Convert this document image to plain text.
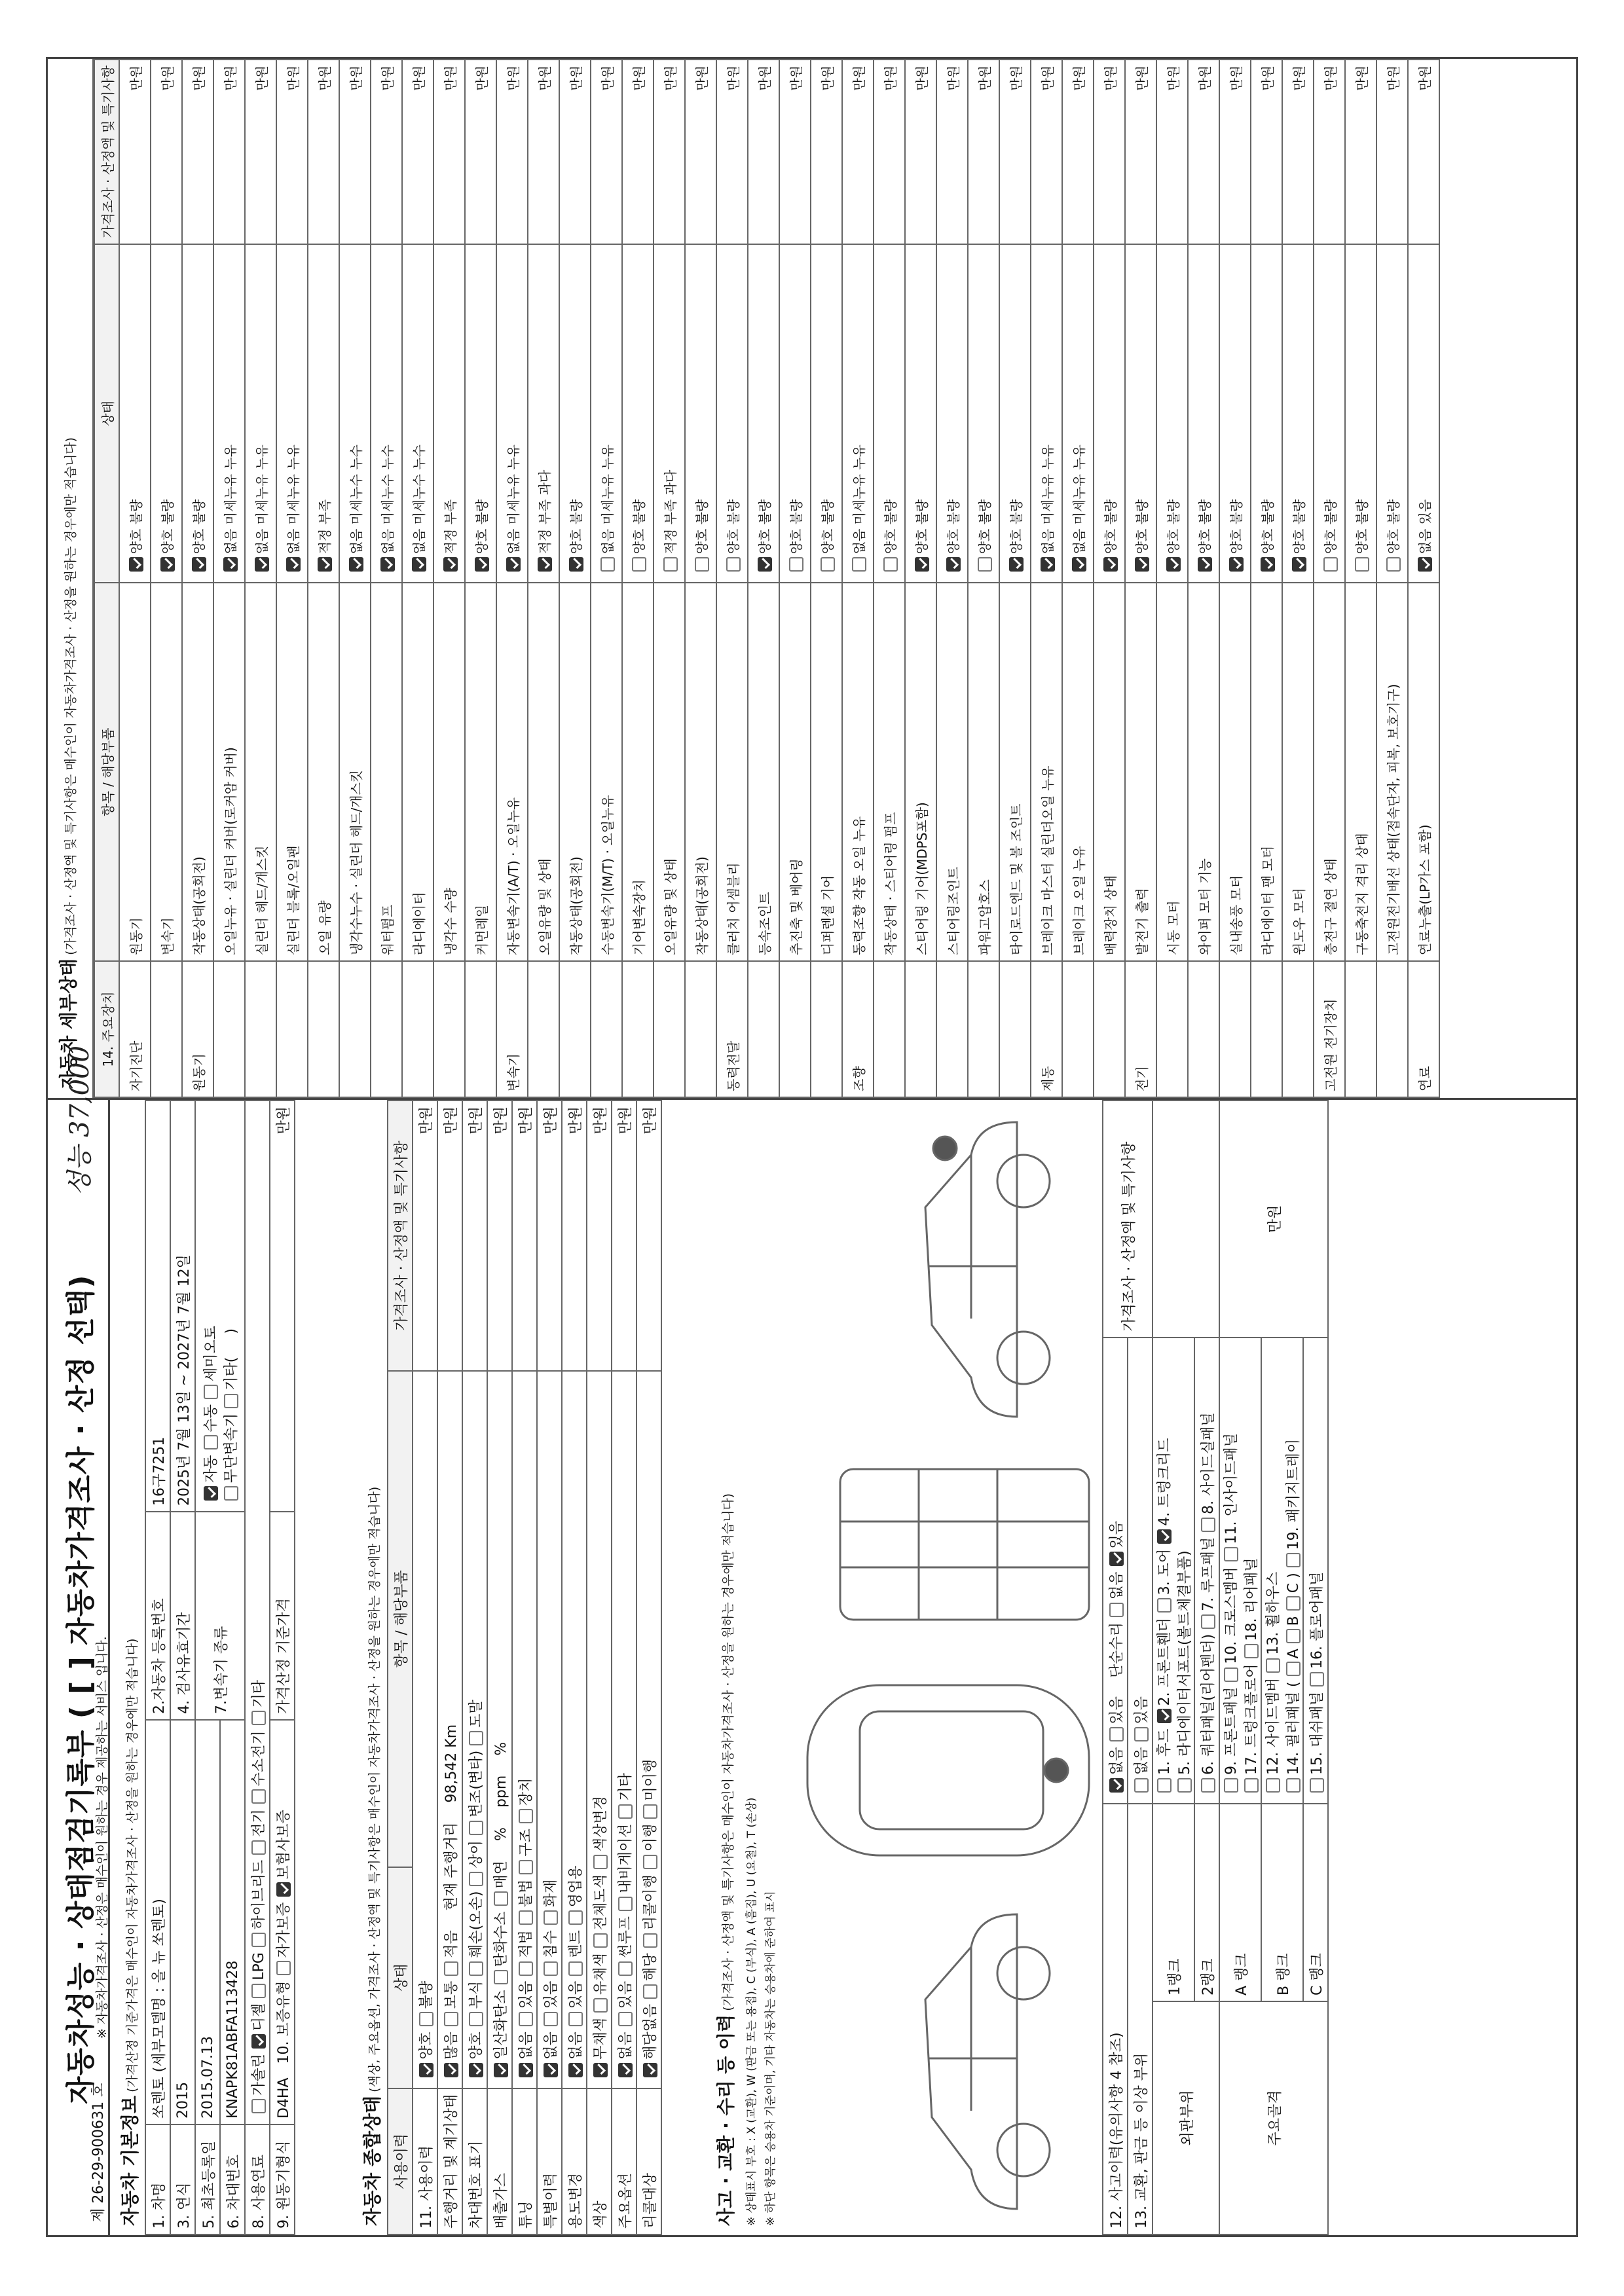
자동차성능 · 상태점검기록부 ( [ ] 자동차가격조사 · 산정 선택)
※ 자동차가격조사 · 산정은 매수인이 원하는 경우 제공하는 서비스 입니다.
제 26-29-900631 호 자동차 기본정보 (가격산정 기준가격은 매수인이 자동차가격조사 · 산정을 원하는 경우에만 적습니다)
1. 차명	쏘렌토 (세부모델명 : 올 뉴 쏘렌토)	2.자동차 등록번호	16구7251
3. 연식	2015	4. 검사유효기간	2025년 7월 13일 ~ 2027년 7월 12일
5. 최초등록일	2015.07.13	7.변속기 종류	자동수동세미오토
무단변속기기타(     )
6. 차대번호	KNAPK81ABFA113428		
8. 사용연료	가솔린디젤LPG하이브리드전기수소전기기타		
9. 원동기형식	D4HA   10. 보증유형자가보증보험사보증	가격산정 기준가격	만원
자동차 종합상태 (색상, 주요옵션, 가격조사 · 산정액 및 특기사항은 매수인이 자동차가격조사 · 산정을 원하는 경우에만 적습니다)
사용이력	상태	항목 / 해당부품	가격조사 · 산정액 및 특기사항
11. 사용이력	양호불량		만원
주행거리 및 계기상태	많음보통적음현재 주행거리98,542 Km		만원
차대번호 표기	양호부식훼손(오손)상이변조(변타)도말		만원
배출가스	일산화탄소탄화수소매연%ppm%		만원
튜닝	없음있음적법불법구조장치		만원
특별이력	없음있음침수화재		만원
용도변경	없음있음렌트영업용		만원
색상	무채색유채색전체도색색상변경		만원
주요옵션	없음있음썬루프내비게이션기타		만원
리콜대상	해당없음해당리콜이행이행미이행		만원
사고 · 교환 · 수리 등 이력 (가격조사 · 산정액 및 특기사항은 매수인이 자동차가격조사 · 산정을 원하는 경우에만 적습니다)
※ 상태표시 부호 : X (교환), W (판금 또는 용접), C (부식), A (흠집), U (요철), T (손상) ※ 하단 항목은 승용차 기준이며, 기타 자동차는 승용차에 준하여 표시	12. 사고이력(유의사항 4 참조)		없음있음    단순수리없음있음	가격조사 · 산정액 및 특기사항
13. 교환, 판금 등 이상 부위		없음있음	
외판부위	1랭크	1. 후드2. 프론트휀더3. 도어4. 트렁크리드
5. 라디에이터서포트(볼트체결부품)	
	2랭크	6. 쿼터패널(리어펜더)7. 루프패널8. 사이드실패널	
주요골격	A 랭크	9. 프론트패널10. 크로스멤버11. 인사이드패널
17. 트렁크플로어18. 리어패널	만원
	B 랭크	12. 사이드멤버13. 휠하우스
14. 필러패널 (ABC )19. 패키지트레이	
	C 랭크	15. 대쉬패널16. 플로어패널	
자동차 세부상태 (가격조사 · 산정액 및 특기사항은 매수인이 자동차가격조사 · 산정을 원하는 경우에만 적습니다)
14. 주요장치	항목 / 해당부품	상태	가격조사 · 산정액 및 특기사항
자기진단	원동기	양호 불량	만원
	변속기	양호 불량	만원
원동기	작동상태(공회전)	양호 불량	만원
	오일누유 · 실린더 커버(로커암 커버)	없음 미세누유 누유	만원
	실린더 헤드/개스킷	없음 미세누유 누유	만원
	실린더 블록/오일팬	없음 미세누유 누유	만원
	오일 유량	적정 부족	만원
	냉각수누수 · 실린더 헤드/개스킷	없음 미세누수 누수	만원
	워터펌프	없음 미세누수 누수	만원
	라디에이터	없음 미세누수 누수	만원
	냉각수 수량	적정 부족	만원
	커먼레일	양호 불량	만원
변속기	자동변속기(A/T) · 오일누유	없음 미세누유 누유	만원
	오일유량 및 상태	적정 부족 과다	만원
	작동상태(공회전)	양호 불량	만원
	수동변속기(M/T) · 오일누유	없음 미세누유 누유	만원
	기어변속장치	양호 불량	만원
	오일유량 및 상태	적정 부족 과다	만원
	작동상태(공회전)	양호 불량	만원
동력전달	클러치 어셈블리	양호 불량	만원
	등속조인트	양호 불량	만원
	추진축 및 베어링	양호 불량	만원
	디퍼렌셜 기어	양호 불량	만원
조향	동력조향 작동 오일 누유	없음 미세누유 누유	만원
	작동상태 · 스티어링 펌프	양호 불량	만원
	스티어링 기어(MDPS포함)	양호 불량	만원
	스티어링조인트	양호 불량	만원
	파워고압호스	양호 불량	만원
	타이로드엔드 및 볼 조인트	양호 불량	만원
제동	브레이크 마스터 실린더오일 누유	없음 미세누유 누유	만원
	브레이크 오일 누유	없음 미세누유 누유	만원
	배력장치 상태	양호 불량	만원
전기	발전기 출력	양호 불량	만원
	시동 모터	양호 불량	만원
	와이퍼 모터 기능	양호 불량	만원
	실내송풍 모터	양호 불량	만원
	라디에이터 팬 모터	양호 불량	만원
	윈도우 모터	양호 불량	만원
고전원 전기장치	충전구 절연 상태	양호 불량	만원
	구동축전지 격리 상태	양호 불량	만원
	고전원전기배선 상태(접속단자, 피복, 보호기구)	양호 불량	만원
연료	연료누출(LP가스 포함)	없음 있음	만원
성능 37,000
